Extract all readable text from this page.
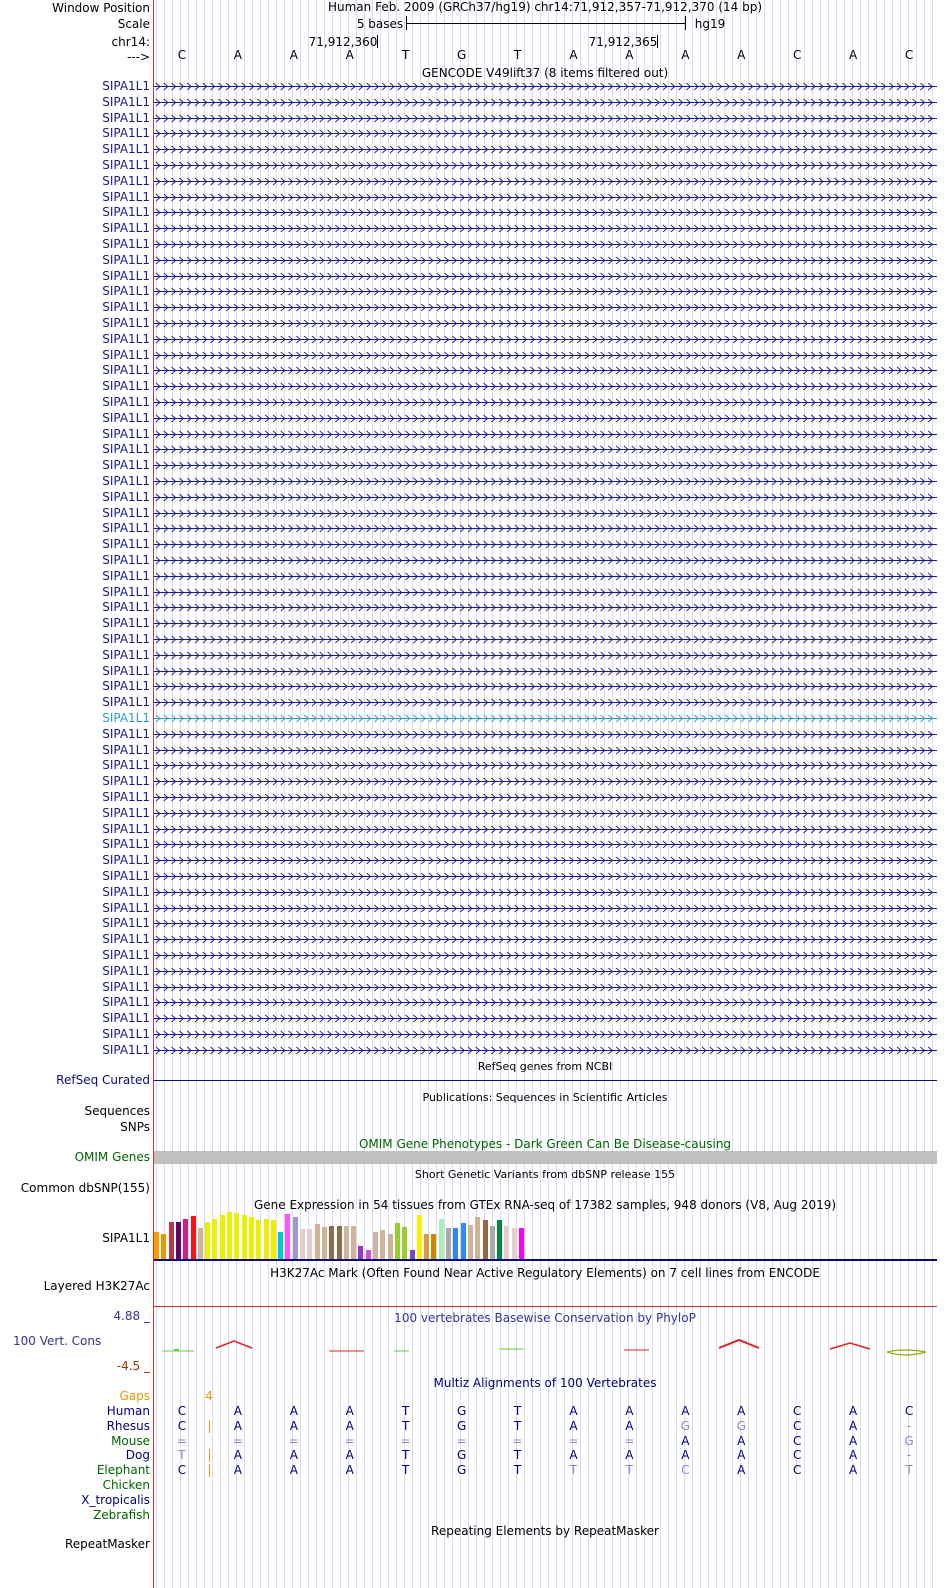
Window Position
Scale
chr14:
--->
SIPA1L1
SIPA1L1
SIPA1L1
SIPA1L1
SIPA1L1
SIPA1L1
SIPA1L1
SIPA1L1
SIPA1L1
SIPA1L1
SIPA1L1
SIPA1L1
SIPA1L1
SIPA1L1
SIPA1L1
SIPA1L1
SIPA1L1
SIPA1L1
SIPA1L1
SIPA1L1
SIPA1L1
SIPA1L1
SIPA1L1
SIPA1L1
SIPA1L1
SIPA1L1
SIPA1L1
SIPA1L1
SIPA1L1
SIPA1L1
SIPA1L1
SIPA1L1
SIPA1L1
SIPA1L1
SIPA1L1
SIPA1L1
SIPA1L1
SIPA1L1
SIPA1L1
SIPA1L1
SIPA1L1
SIPA1L1
SIPA1L1
SIPA1L1
SIPA1L1
SIPA1L1
SIPA1L1
SIPA1L1
SIPA1L1
SIPA1L1
SIPA1L1
SIPA1L1
SIPA1L1
SIPA1L1
SIPA1L1
SIPA1L1
SIPA1L1
SIPA1L1
SIPA1L1
SIPA1L1
SIPA1L1
SIPA1L1
RefSeq Curated
Sequences
SNPs
OMIM Genes
Common dbSNP(155)
SIPA1L1
Layered H3K27Ac
4.88 _
100 Vert. Cons
-4.5 _
Gaps
Human
Rhesus
Mouse
Dog
Elephant
Chicken
X_tropicalis
Zebrafish
RepeatMasker
Human Feb. 2009 (GRCh37/hg19) chr14:71,912,357-71,912,370 (14 bp)
5 bases	hg19
71,912,360	71,912,365
C	A	A	A	T	G	T	A	A	A	A	C	A	C
GENCODE V49lift37 (8 items filtered out)
RefSeq genes from NCBI
Publications: Sequences in Scientific Articles
OMIM Gene Phenotypes - Dark Green Can Be Disease-causing
Short Genetic Variants from dbSNP release 155
Gene Expression in 54 tissues from GTEx RNA-seq of 17382 samples, 948 donors (V8, Aug 2019)
H3K27Ac Mark (Often Found Near Active Regulatory Elements) on 7 cell lines from ENCODE
100 vertebrates Basewise Conservation by PhyloP
Multiz Alignments of 100 Vertebrates
4
C	A	A	A	T	G	T	A	A	A	A	C	A	C
C	A	A	A	T	G	T	A	A	G	G	C	A	-
=	=	=	=	=	=	=	=	=	A	A	C	A	G
T	A	A	A	T	G	T	A	A	A	A	C	A	-
C	A	A	A	T	G	T	T	T	C	A	C	A	T
Repeating Elements by RepeatMasker
